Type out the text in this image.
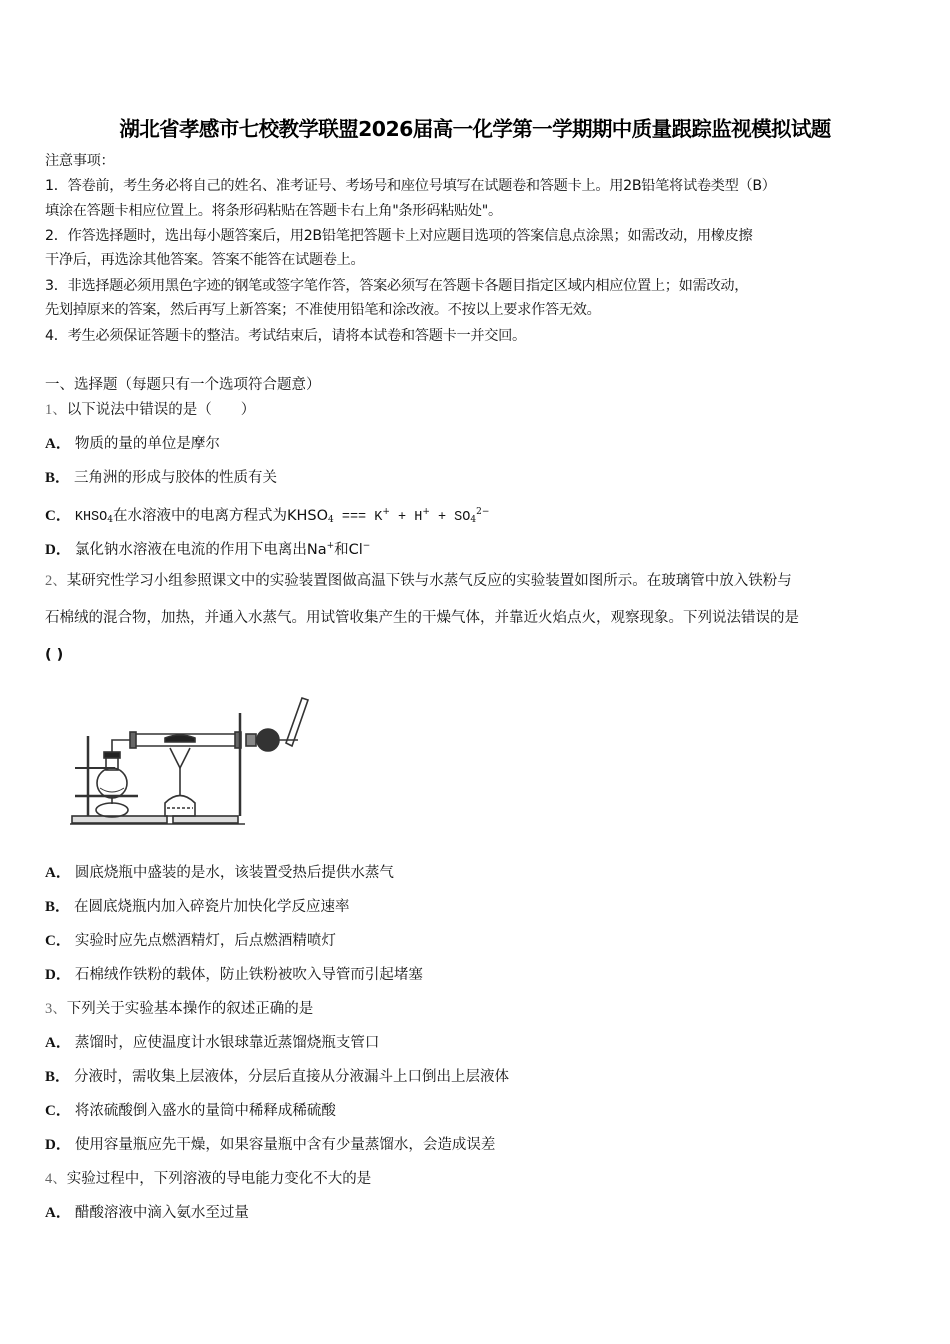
湖北省孝感市七校教学联盟2026届高一化学第一学期期中质量跟踪监视模拟试题
注意事项：
1．答卷前，考生务必将自己的姓名、准考证号、考场号和座位号填写在试题卷和答题卡上。用2B铅笔将试卷类型（B）
填涂在答题卡相应位置上。将条形码粘贴在答题卡右上角"条形码粘贴处"。
2．作答选择题时，选出每小题答案后，用2B铅笔把答题卡上对应题目选项的答案信息点涂黑；如需改动，用橡皮擦
干净后，再选涂其他答案。答案不能答在试题卷上。
3．非选择题必须用黑色字迹的钢笔或签字笔作答，答案必须写在答题卡各题目指定区域内相应位置上；如需改动，
先划掉原来的答案，然后再写上新答案；不准使用铅笔和涂改液。不按以上要求作答无效。
4．考生必须保证答题卡的整洁。考试结束后，请将本试卷和答题卡一并交回。
一、选择题（每题只有一个选项符合题意）
1、以下说法中错误的是（　　）
A． 物质的量的单位是摩尔
B． 三角洲的形成与胶体的性质有关
C． $KHSO_4$在水溶液中的电离方程式为$KHSO_4$ === $K^+ + H^+ + SO_4^{2-}$
D． 氯化钠水溶液在电流的作用下电离出Na+和Cl−
2、某研究性学习小组参照课文中的实验装置图做高温下铁与水蒸气反应的实验装置如图所示。在玻璃管中放入铁粉与
石棉绒的混合物，加热，并通入水蒸气。用试管收集产生的干燥气体，并靠近火焰点火，观察现象。下列说法错误的是
( )
A． 圆底烧瓶中盛装的是水，该装置受热后提供水蒸气
B． 在圆底烧瓶内加入碎瓷片加快化学反应速率
C． 实验时应先点燃酒精灯，后点燃酒精喷灯
D． 石棉绒作铁粉的载体，防止铁粉被吹入导管而引起堵塞
3、下列关于实验基本操作的叙述正确的是
A． 蒸馏时，应使温度计水银球靠近蒸馏烧瓶支管口
B． 分液时，需收集上层液体，分层后直接从分液漏斗上口倒出上层液体
C． 将浓硫酸倒入盛水的量筒中稀释成稀硫酸
D． 使用容量瓶应先干燥，如果容量瓶中含有少量蒸馏水，会造成误差
4、实验过程中，下列溶液的导电能力变化不大的是
A． 醋酸溶液中滴入氨水至过量
